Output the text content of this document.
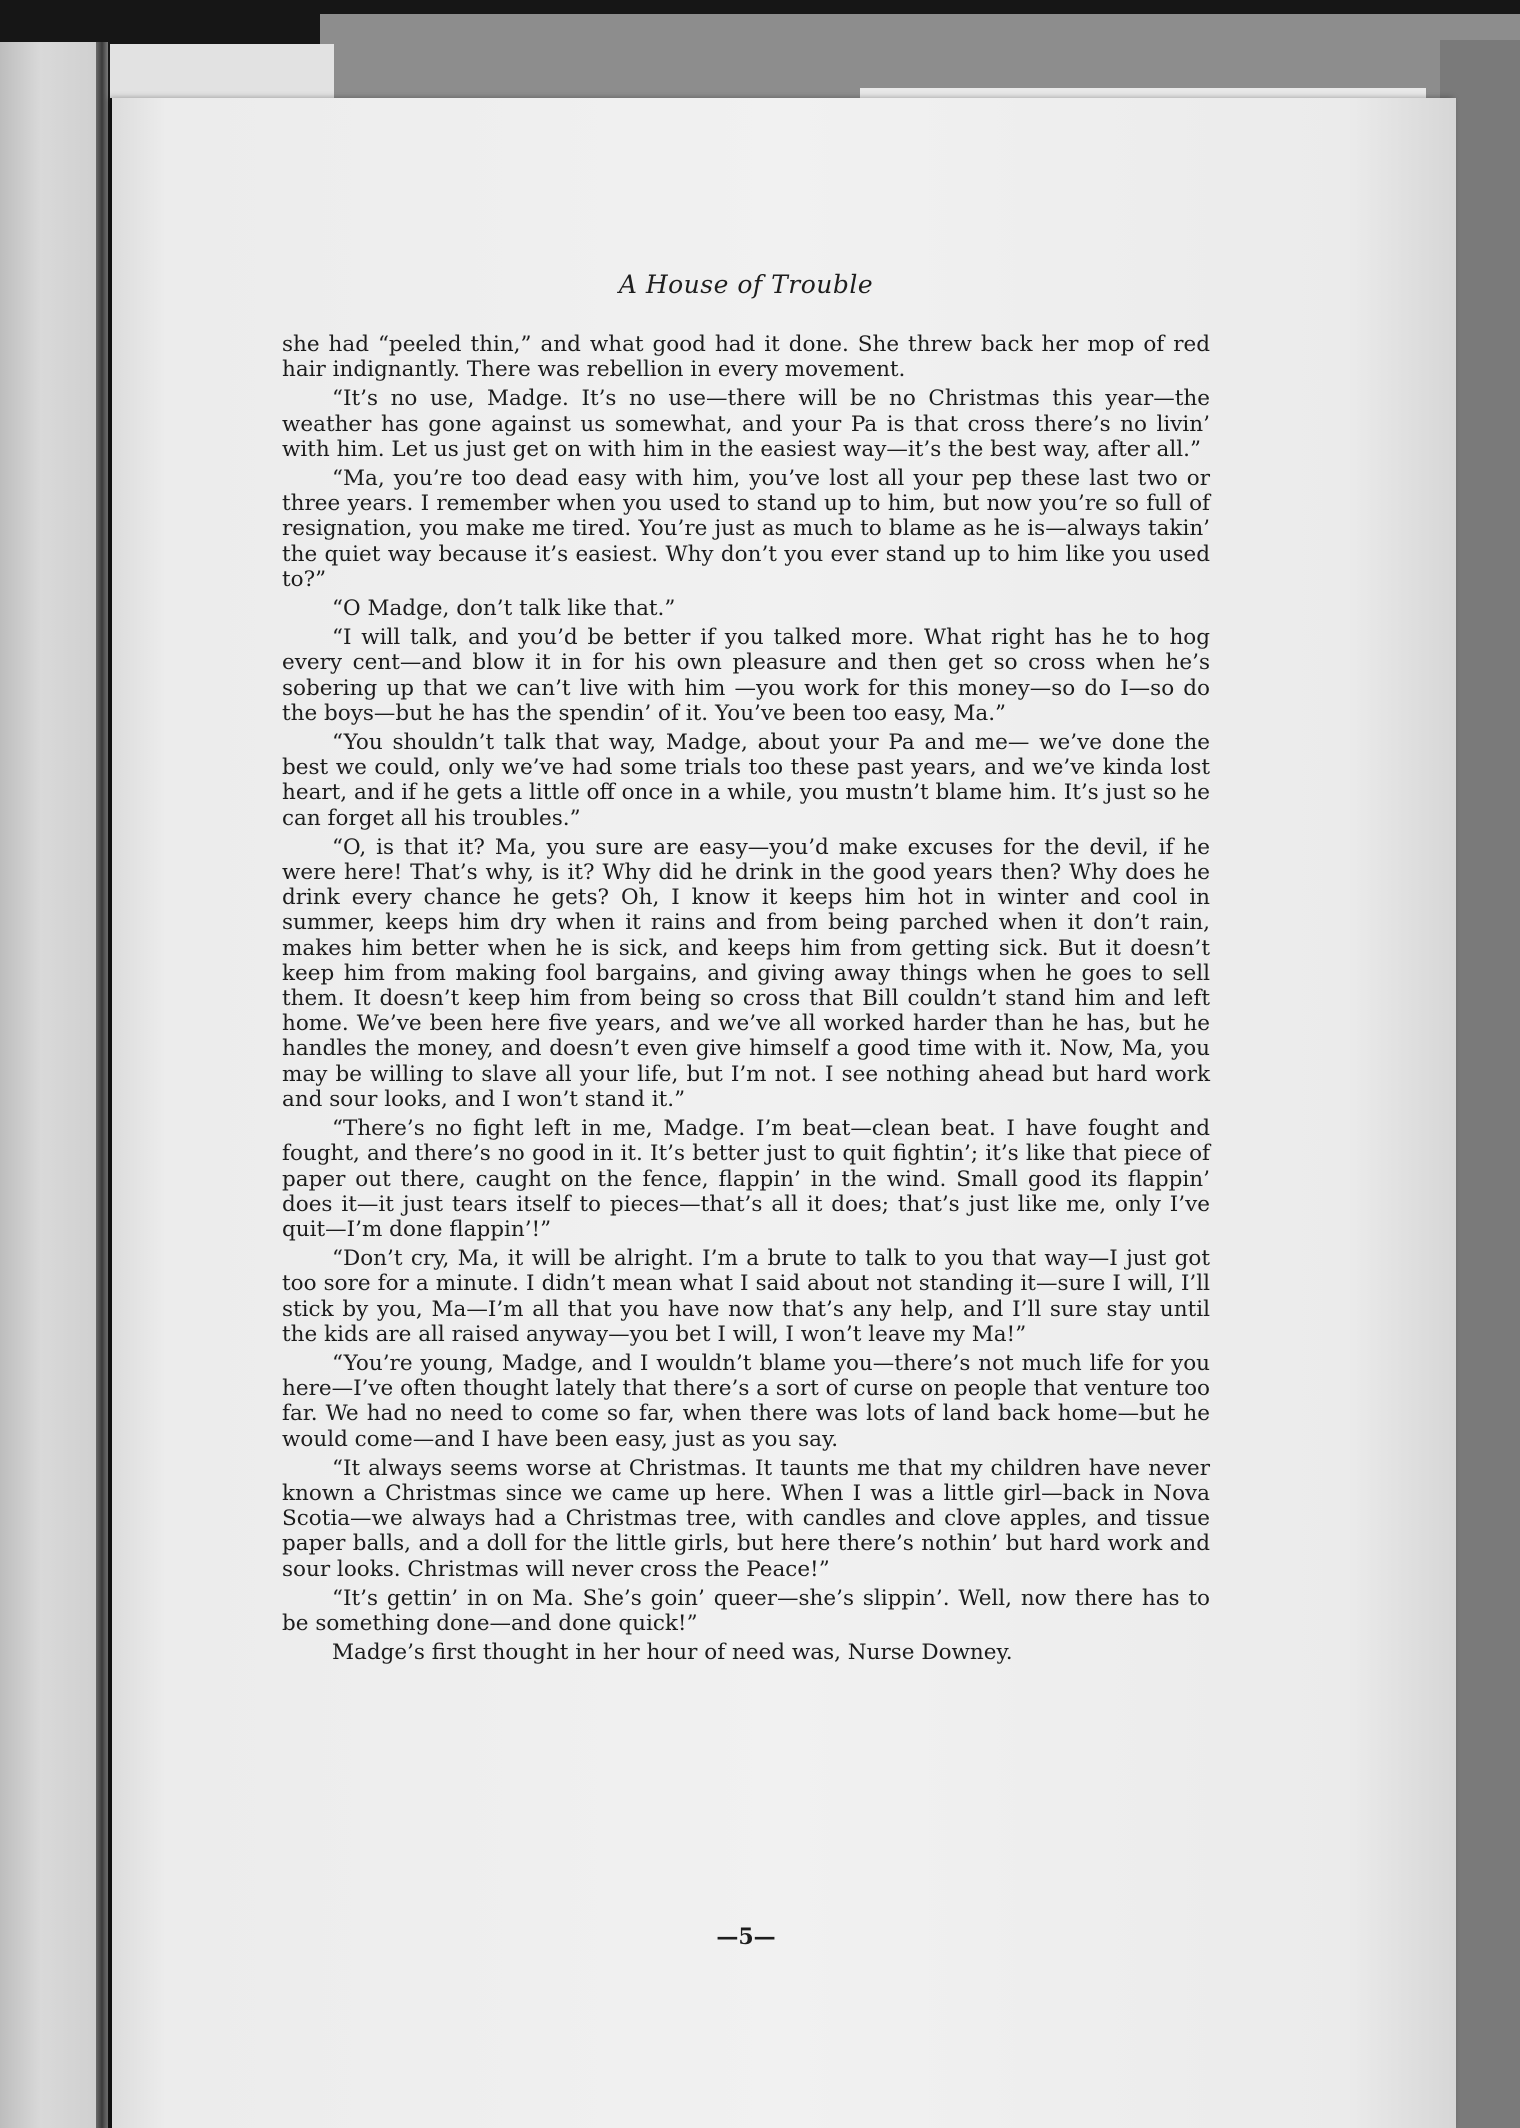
A House of Trouble

she had “peeled thin,” and what good had it done. She threw back her mop of red hair indignantly. There was rebellion in every movement.

“It’s no use, Madge. It’s no use—there will be no Christmas this year—the weather has gone against us somewhat, and your Pa is that cross there’s no livin’ with him. Let us just get on with him in the easiest way—it’s the best way, after all.”

“Ma, you’re too dead easy with him, you’ve lost all your pep these last two or three years. I remember when you used to stand up to him, but now you’re so full of resignation, you make me tired. You’re just as much to blame as he is—always takin’ the quiet way because it’s easiest. Why don’t you ever stand up to him like you used to?”

“O Madge, don’t talk like that.”

“I will talk, and you’d be better if you talked more. What right has he to hog every cent—and blow it in for his own pleasure and then get so cross when he’s sobering up that we can’t live with him —you work for this money—so do I—so do the boys—but he has the spendin’ of it. You’ve been too easy, Ma.”

“You shouldn’t talk that way, Madge, about your Pa and me— we’ve done the best we could, only we’ve had some trials too these past years, and we’ve kinda lost heart, and if he gets a little off once in a while, you mustn’t blame him. It’s just so he can forget all his troubles.”

“O, is that it? Ma, you sure are easy—you’d make excuses for the devil, if he were here! That’s why, is it? Why did he drink in the good years then? Why does he drink every chance he gets? Oh, I know it keeps him hot in winter and cool in summer, keeps him dry when it rains and from being parched when it don’t rain, makes him better when he is sick, and keeps him from getting sick. But it doesn’t keep him from making fool bargains, and giving away things when he goes to sell them. It doesn’t keep him from being so cross that Bill couldn’t stand him and left home. We’ve been here five years, and we’ve all worked harder than he has, but he handles the money, and doesn’t even give himself a good time with it. Now, Ma, you may be willing to slave all your life, but I’m not. I see nothing ahead but hard work and sour looks, and I won’t stand it.”

“There’s no fight left in me, Madge. I’m beat—clean beat. I have fought and fought, and there’s no good in it. It’s better just to quit fightin’; it’s like that piece of paper out there, caught on the fence, flappin’ in the wind. Small good its flappin’ does it—it just tears itself to pieces—that’s all it does; that’s just like me, only I’ve quit—I’m done flappin’!”

“Don’t cry, Ma, it will be alright. I’m a brute to talk to you that way—I just got too sore for a minute. I didn’t mean what I said about not standing it—sure I will, I’ll stick by you, Ma—I’m all that you have now that’s any help, and I’ll sure stay until the kids are all raised anyway—you bet I will, I won’t leave my Ma!”

“You’re young, Madge, and I wouldn’t blame you—there’s not much life for you here—I’ve often thought lately that there’s a sort of curse on people that venture too far. We had no need to come so far, when there was lots of land back home—but he would come—and I have been easy, just as you say.

“It always seems worse at Christmas. It taunts me that my children have never known a Christmas since we came up here. When I was a little girl—back in Nova Scotia—we always had a Christmas tree, with candles and clove apples, and tissue paper balls, and a doll for the little girls, but here there’s nothin’ but hard work and sour looks. Christmas will never cross the Peace!”

“It’s gettin’ in on Ma. She’s goin’ queer—she’s slippin’. Well, now there has to be something done—and done quick!”

Madge’s first thought in her hour of need was, Nurse Downey.

—5—
